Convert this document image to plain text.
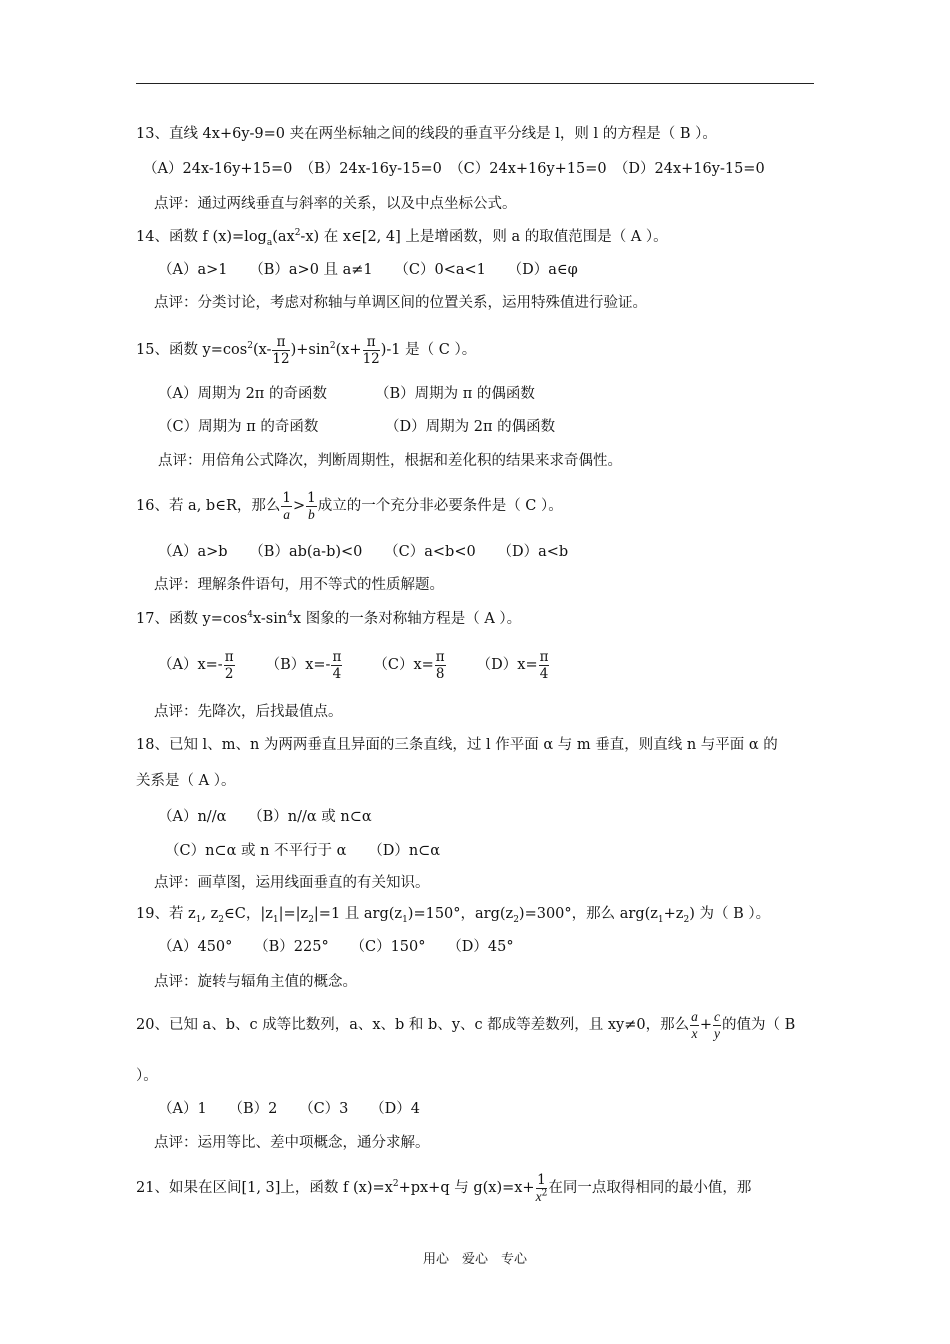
13、直线 4x+6y-9=0 夹在两坐标轴之间的线段的垂直平分线是 l，则 l 的方程是（ B ）。
（A）24x-16y+15=0　（B）24x-16y-15=0　（C）24x+16y+15=0　（D）24x+16y-15=0
点评：通过两线垂直与斜率的关系，以及中点坐标公式。
14、函数 f $(x)=\log_a(ax^2-x)$ 在 x∈[2, 4] 上是增函数，则 a 的取值范围是（ A ）。
（A）a>1　　（B）a>0 且 a≠1　　（C）0<a<1　　（D）a∈φ
点评：分类讨论，考虑对称轴与单调区间的位置关系，运用特殊值进行验证。
15、函数 $y=\cos^2(x- \frac{\pi}{12} )+\sin^2(x+ \frac{\pi}{12} )-1$ 是（ C ）。
（A）周期为 2π 的奇函数	（B）周期为 π 的偶函数
（C）周期为 π 的奇函数	（D）周期为 2π 的偶函数
点评：用倍角公式降次，判断周期性，根据和差化积的结果来求奇偶性。
16、若 a, b∈R，那么 $\frac{1}{a} > \frac{1}{b}$ 成立的一个充分非必要条件是（ C ）。
（A）a>b　　（B）ab(a-b)<0　　（C）a<b<0　　（D）a<b
点评：理解条件语句，用不等式的性质解题。
17、函数 $y=\cos^4x-\sin^4x$ 图象的一条对称轴方程是（ A ）。
$(A)x=- \frac{\pi}{2} (B)x=- \frac{\pi}{4} (C)x= \frac{\pi}{8} (D)x= \frac{\pi}{4}$
点评：先降次，后找最值点。
18、已知 l、m、n 为两两垂直且异面的三条直线，过 l 作平面 α 与 m 垂直，则直线 n 与平面 α 的
关系是（ A ）。
（A）n//α　　（B）n//α 或 n⊂α
（C）n⊂α 或 n 不平行于 α　　（D）n⊂α
点评：画草图，运用线面垂直的有关知识。
19、若 $z_1$, $z_2\in C$，$|z_1|=|z_2|=1$ 且 $arg(z_1)=150^\circ$，$arg(z_2)=300^\circ$，那么 $arg(z_1+z_2)$ 为（ B ）。
（A）450°　　（B）225°　　（C）150°　　（D）45°
点评：旋转与辐角主值的概念。
20、已知 a、b、c 成等比数列，a、x、b 和 b、y、c 都成等差数列，且 xy≠0，那么 $\frac{a}{x} + \frac{c}{y}$ 的值为（ B
）。
（A）1　　（B）2　　（C）3　　（D）4
点评：运用等比、差中项概念，通分求解。
21、如果在区间[1, 3]上，函数 f $(x)=x^2+px+q$ 与 $g(x)=x+ \frac{1}{x^2}$ 在同一点取得相同的最小值，那
用心　爱心　专心
